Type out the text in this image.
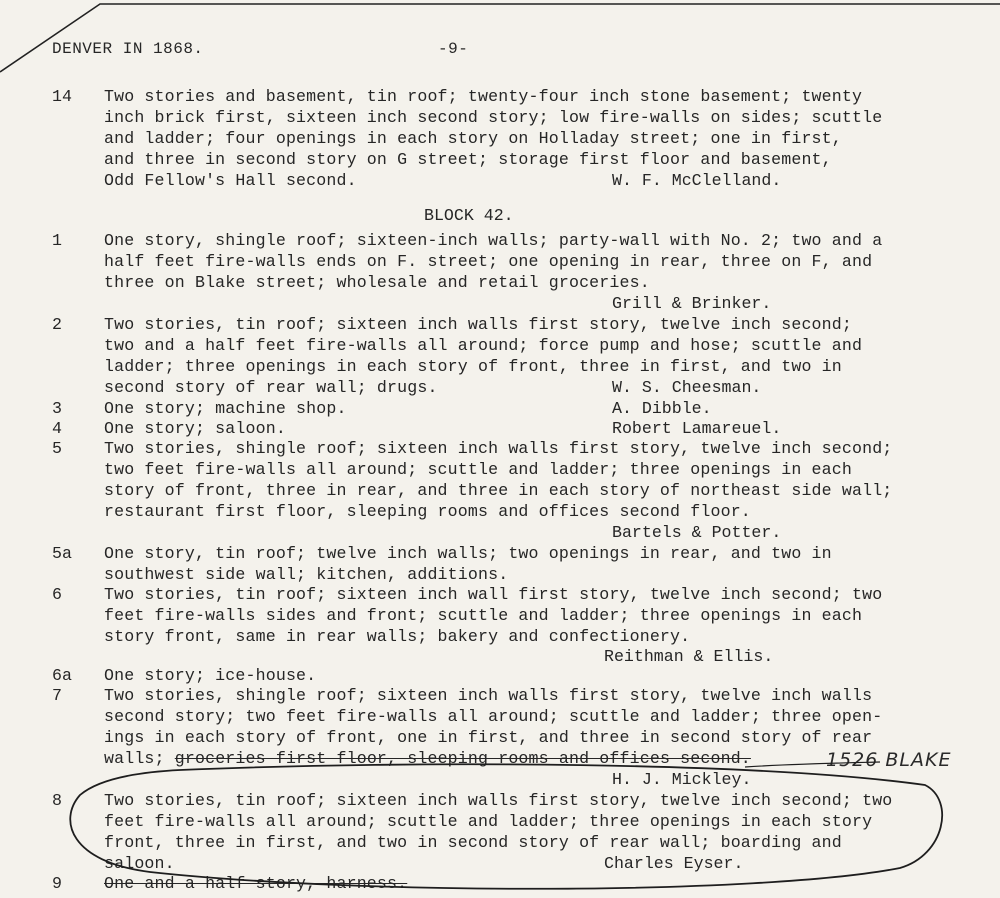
DENVER IN 1868.	-9-
14 Two stories and basement, tin roof; twenty-four inch stone basement; twenty
inch brick first, sixteen inch second story; low fire-walls on sides; scuttle
and ladder; four openings in each story on Holladay street; one in first,
and three in second story on G street; storage first floor and basement,
Odd Fellow's Hall second.	W. F. McClelland.
BLOCK 42.
1	One story, shingle roof; sixteen-inch walls; party-wall with No. 2; two and a
half feet fire-walls ends on F. street; one opening in rear, three on F, and
three on Blake street; wholesale and retail groceries.
Grill & Brinker.
2	Two stories, tin roof; sixteen inch walls first story, twelve inch second;
two and a half feet fire-walls all around; force pump and hose; scuttle and
ladder; three openings in each story of front, three in first, and two in
second story of rear wall; drugs.	W. S. Cheesman.
3	One story; machine shop.	A. Dibble.
4	One story; saloon.	Robert Lamareuel.
5	Two stories, shingle roof; sixteen inch walls first story, twelve inch second;
two feet fire-walls all around; scuttle and ladder; three openings in each
story of front, three in rear, and three in each story of northeast side wall;
restaurant first floor, sleeping rooms and offices second floor.
Bartels & Potter.
5a One story, tin roof; twelve inch walls; two openings in rear, and two in
southwest side wall; kitchen, additions.
6	Two stories, tin roof; sixteen inch wall first story, twelve inch second; two
feet fire-walls sides and front; scuttle and ladder; three openings in each
story front, same in rear walls; bakery and confectionery.
Reithman & Ellis.
6a One story; ice-house.
7	Two stories, shingle roof; sixteen inch walls first story, twelve inch walls
second story; two feet fire-walls all around; scuttle and ladder; three open-
ings in each story of front, one in first, and three in second story of rear
walls; groceries first floor, sleeping rooms and offices second.
H. J. Mickley.
1526 BLAKE
8	Two stories, tin roof; sixteen inch walls first story, twelve inch second; two
feet fire-walls all around; scuttle and ladder; three openings in each story
front, three in first, and two in second story of rear wall; boarding and
saloon.	Charles Eyser.
9	One and a half story, harness.
